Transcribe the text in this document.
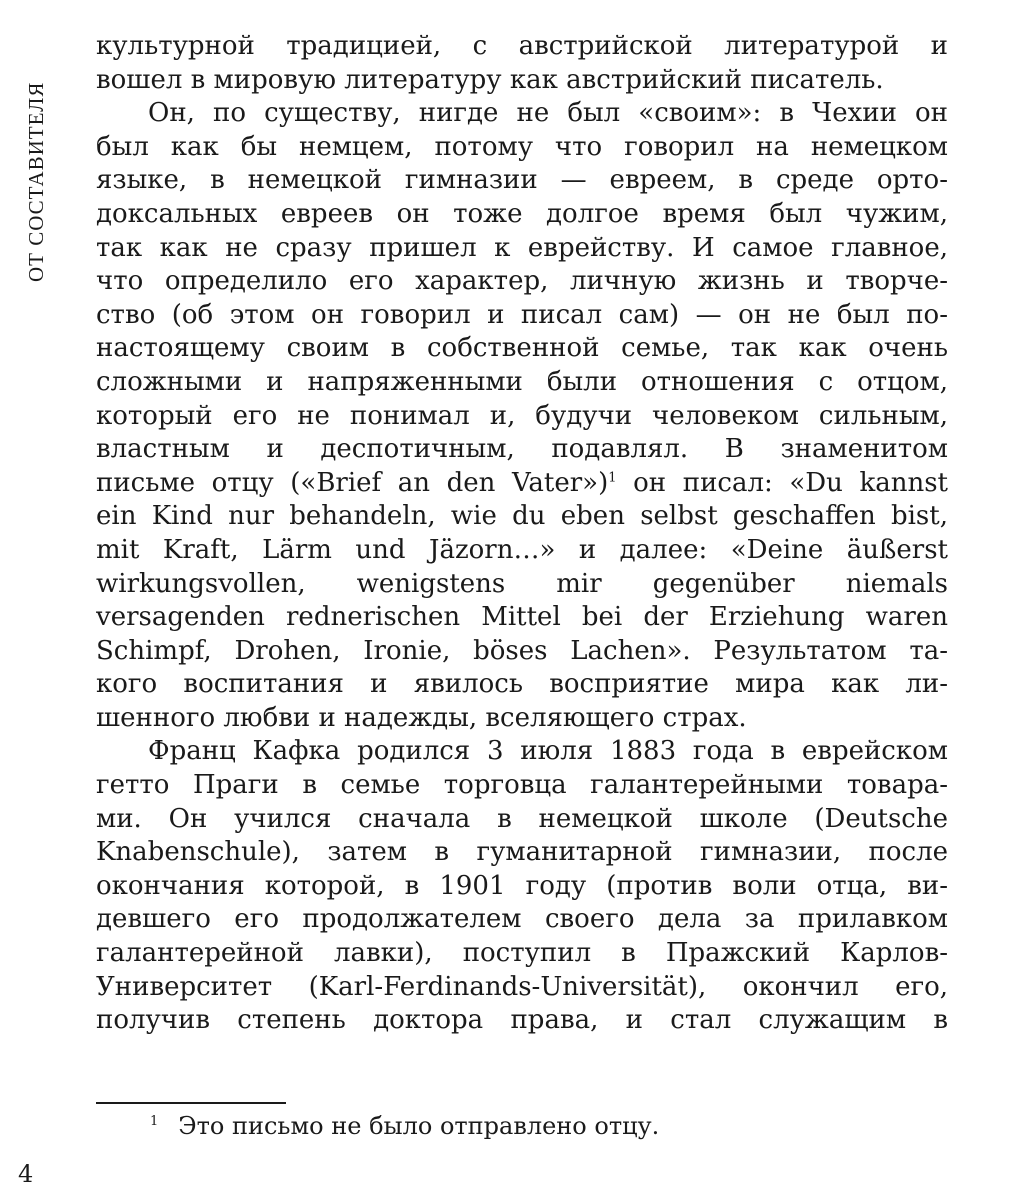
ОТ СОСТАВИТЕЛЯ
культурной традицией, с австрийской литературой и
вошел в мировую литературу как австрийский писатель.
Он, по существу, нигде не был «своим»: в Чехии он
был как бы немцем, потому что говорил на немецком
языке, в немецкой гимназии — евреем, в среде орто-
доксальных евреев он тоже долгое время был чужим,
так как не сразу пришел к еврейству. И самое главное,
что определило его характер, личную жизнь и творче-
ство (об этом он говорил и писал сам) — он не был по-
настоящему своим в собственной семье, так как очень
сложными и напряженными были отношения с отцом,
который его не понимал и, будучи человеком сильным,
властным и деспотичным, подавлял. В знаменитом
письме отцу («Brief an den Vater»)$^1$ он писал: «Du kannst
ein Kind nur behandeln, wie du eben selbst geschaffen bist,
mit Kraft, Lärm und Jäzorn…» и далее: «Deine äußerst
wirkungsvollen, wenigstens mir gegenüber niemals
versagenden rednerischen Mittel bei der Erziehung waren
Schimpf, Drohen, Ironie, böses Lachen». Результатом та-
кого воспитания и явилось восприятие мира как ли-
шенного любви и надежды, вселяющего страх.
Франц Кафка родился 3 июля 1883 года в еврейском
гетто Праги в семье торговца галантерейными товара-
ми. Он учился сначала в немецкой школе (Deutsche
Knabenschule), затем в гуманитарной гимназии, после
окончания которой, в 1901 году (против воли отца, ви-
девшего его продолжателем своего дела за прилавком
галантерейной лавки), поступил в Пражский Карлов-
Университет (Karl-Ferdinands-Universität), окончил его,
получив степень доктора права, и стал служащим в
$^1$ Это письмо не было отправлено отцу.
4
